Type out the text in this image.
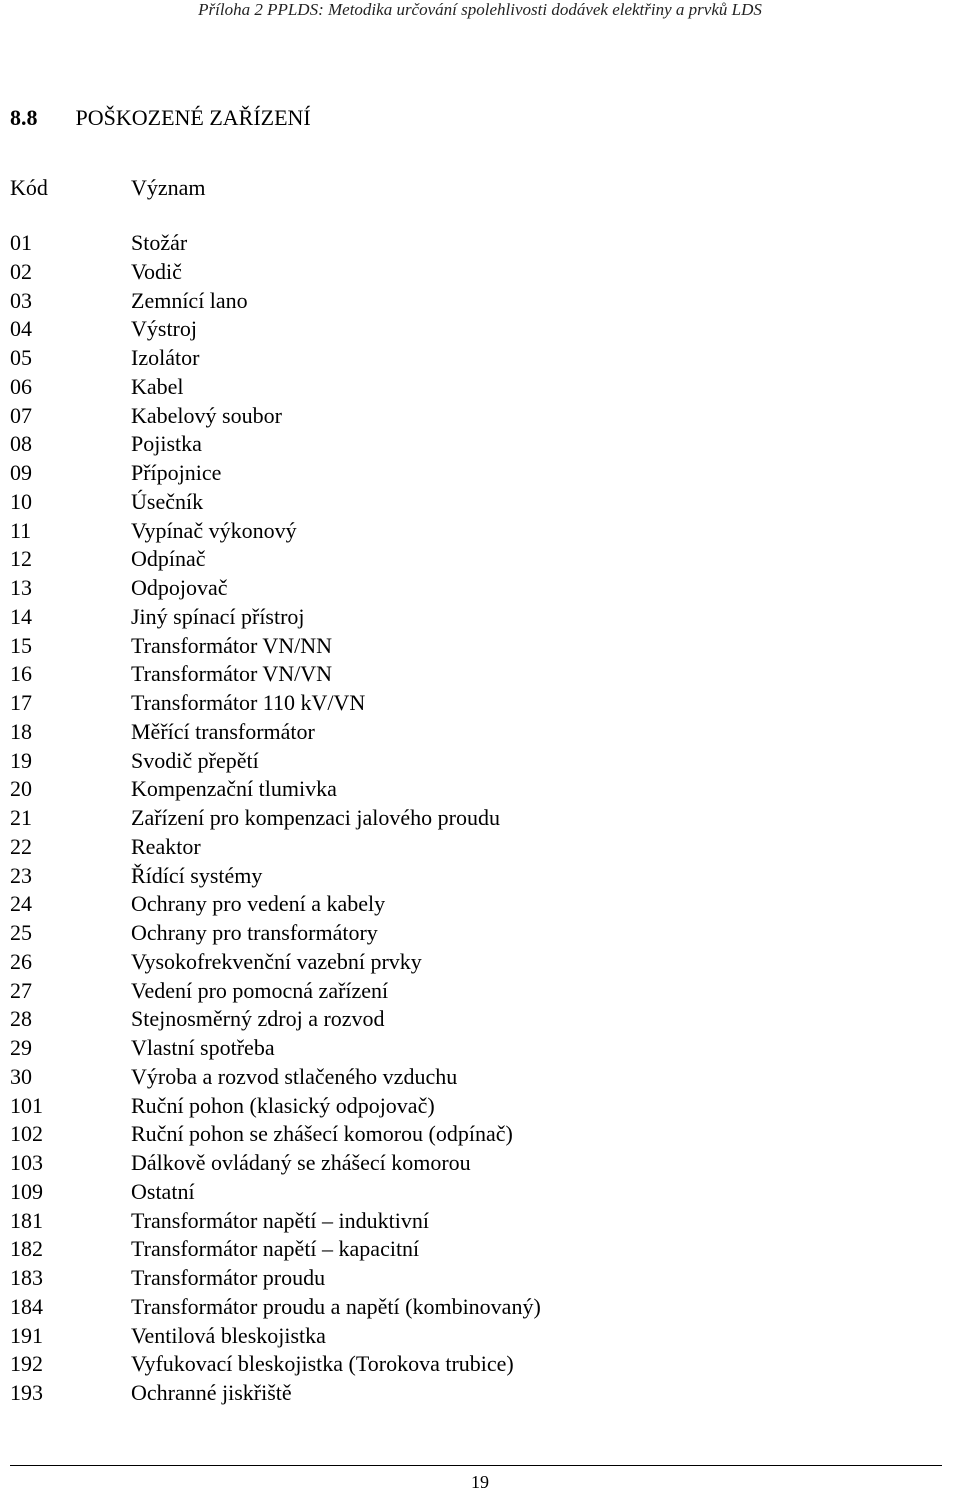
Příloha 2 PPLDS: Metodika určování spolehlivosti dodávek elektřiny a prvků LDS
8.8 POŠKOZENÉ ZAŘÍZENÍ
Kód	Význam
01	Stožár
02	Vodič
03	Zemnící lano
04	Výstroj
05	Izolátor
06	Kabel
07	Kabelový soubor
08	Pojistka
09	Přípojnice
10	Úsečník
11	Vypínač výkonový
12	Odpínač
13	Odpojovač
14	Jiný spínací přístroj
15	Transformátor VN/NN
16	Transformátor VN/VN
17	Transformátor 110 kV/VN
18	Měřící transformátor
19	Svodič přepětí
20	Kompenzační tlumivka
21	Zařízení pro kompenzaci jalového proudu
22	Reaktor
23	Řídící systémy
24	Ochrany pro vedení a kabely
25	Ochrany pro transformátory
26	Vysokofrekvenční vazební prvky
27	Vedení pro pomocná zařízení
28	Stejnosměrný zdroj a rozvod
29	Vlastní spotřeba
30	Výroba a rozvod stlačeného vzduchu
101	Ruční pohon (klasický odpojovač)
102	Ruční pohon se zhášecí komorou (odpínač)
103	Dálkově ovládaný se zhášecí komorou
109	Ostatní
181	Transformátor napětí – induktivní
182	Transformátor napětí – kapacitní
183	Transformátor proudu
184	Transformátor proudu a napětí (kombinovaný)
191	Ventilová bleskojistka
192	Vyfukovací bleskojistka (Torokova trubice)
193	Ochranné jiskřiště
19
